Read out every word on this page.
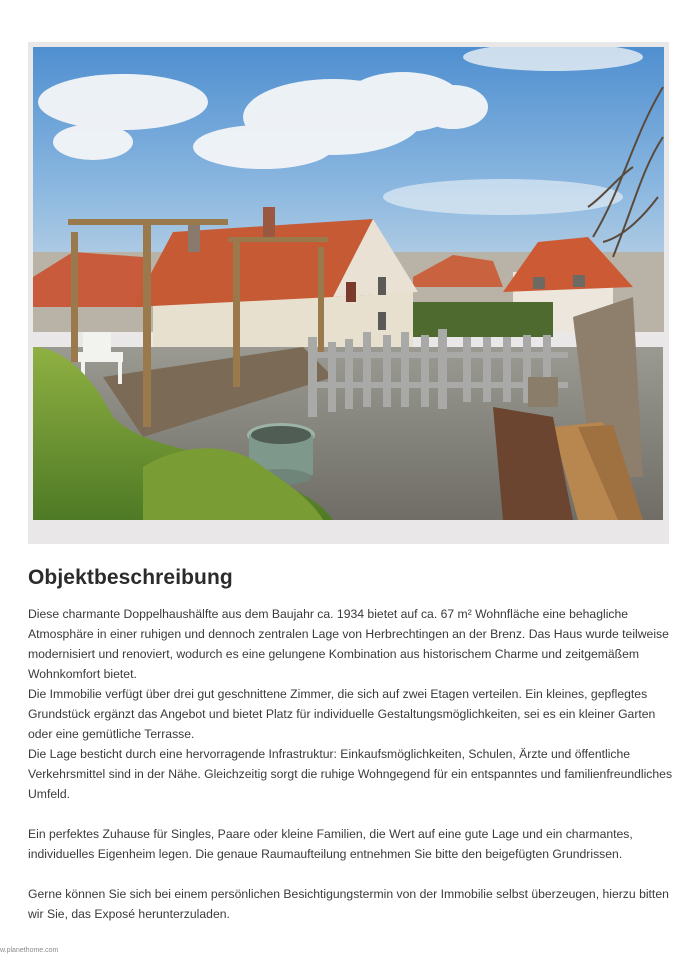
Objektbeschreibung

Diese charmante Doppelhaushälfte aus dem Baujahr ca. 1934 bietet auf ca. 67 m² Wohnfläche eine behagliche Atmosphäre in einer ruhigen und dennoch zentralen Lage von Herbrechtingen an der Brenz. Das Haus wurde teilweise modernisiert und renoviert, wodurch es eine gelungene Kombination aus historischem Charme und zeitgemäßem Wohnkomfort bietet.

Die Immobilie verfügt über drei gut geschnittene Zimmer, die sich auf zwei Etagen verteilen. Ein kleines, gepflegtes Grundstück ergänzt das Angebot und bietet Platz für individuelle Gestaltungsmöglichkeiten, sei es ein kleiner Garten oder eine gemütliche Terrasse.

Die Lage besticht durch eine hervorragende Infrastruktur: Einkaufsmöglichkeiten, Schulen, Ärzte und öffentliche Verkehrsmittel sind in der Nähe. Gleichzeitig sorgt die ruhige Wohngegend für ein entspanntes und familienfreundliches Umfeld.

Ein perfektes Zuhause für Singles, Paare oder kleine Familien, die Wert auf eine gute Lage und ein charmantes, individuelles Eigenheim legen. Die genaue Raumaufteilung entnehmen Sie bitte den beigefügten Grundrissen.

Gerne können Sie sich bei einem persönlichen Besichtigungstermin von der Immobilie selbst überzeugen, hierzu bitten wir Sie, das Exposé herunterzuladen.

w.planethome.com
